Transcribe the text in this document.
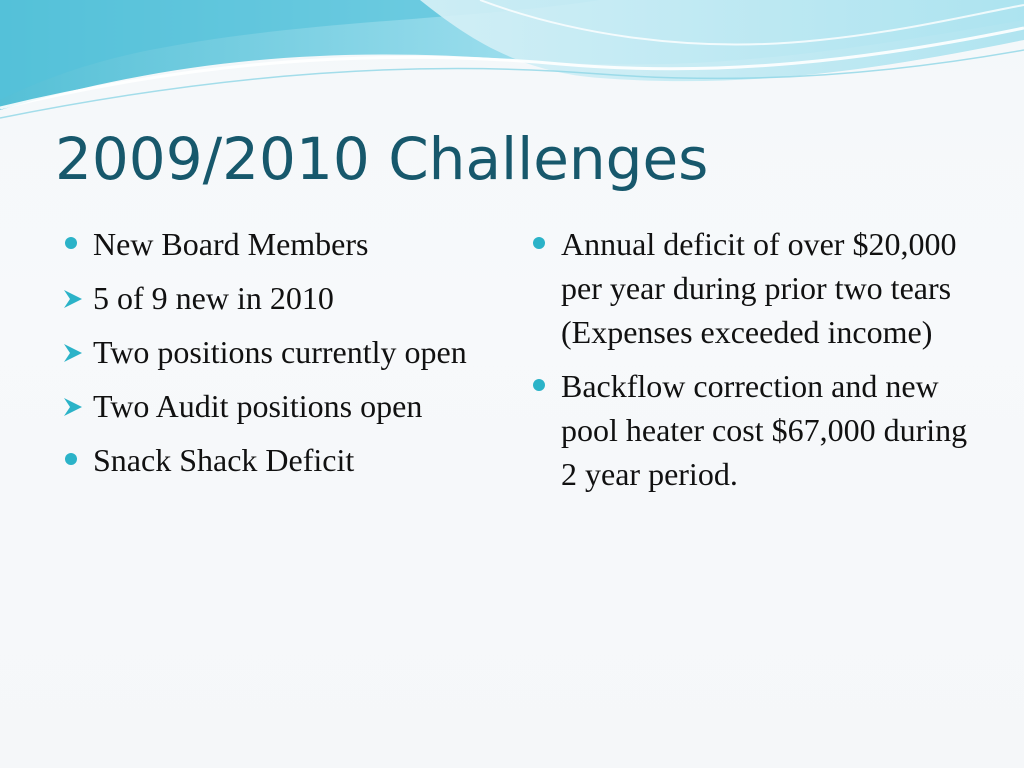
2009/2010 Challenges
New Board Members
5 of 9 new in 2010
Two positions currently open
Two Audit positions open
Snack Shack Deficit
Annual deficit of over $20,000 per year during prior two tears (Expenses exceeded income)
Backflow correction and new pool heater cost $67,000 during 2 year period.
